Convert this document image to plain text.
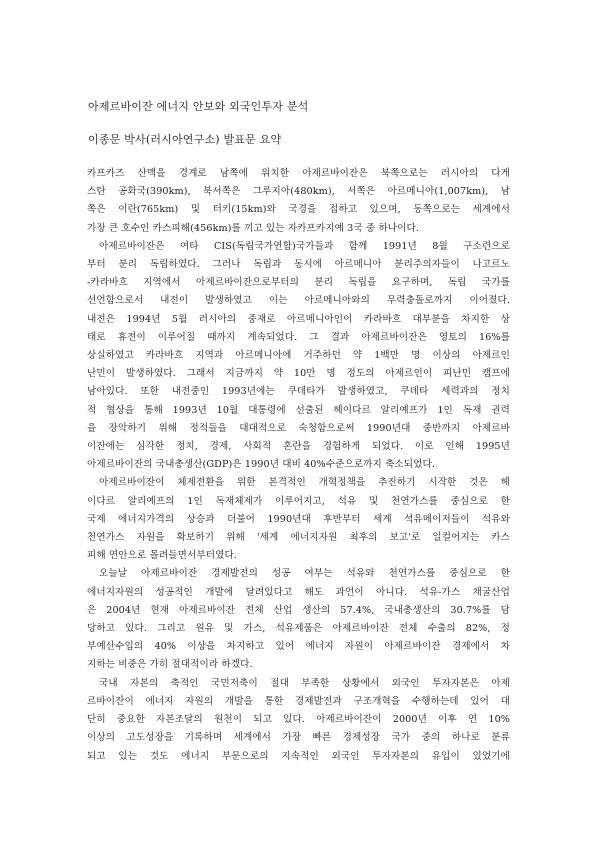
아제르바이잔 에너지 안보와 외국인투자 분석
이종문 박사(러시아연구소) 발표문 요약

카프카즈 산맥을 경계로 남쪽에 위치한 아제르바이잔은 북쪽으로는 러시아의 다게

스탄 공화국(390km), 북서쪽은 그루지아(480km), 서쪽은 아르메니아(1,007km), 남

쪽은 이란(765km) 및 터키(15km)와 국경을 접하고 있으며, 동쪽으로는 세계에서

가장 큰 호수인 카스피해(456km)를 끼고 있는 자카프카지예 3국 중 하나이다.

아제르바이잔은 여타 CIS(독립국가연합)국가들과 함께 1991년 8월 구소련으로

부터 분리 독립하였다. 그러나 독립과 동시에 아르메니아 분리주의자들이 나고르노

-카라바흐 지역에서 아제르바이잔으로부터의 분리 독립을 요구하며, 독립 국가를

선언함으로서 내전이 발생하였고 이는 아르메니아와의 무력충돌로까지 이어졌다.

내전은 1994년 5월 러시아의 중재로 아르메니아인이 카라바흐 대부분을 차지한 상

태로 휴전이 이루어질 때까지 계속되었다. 그 결과 아제르바이잔은 영토의 16%를

상실하였고 카라바흐 지역과 아르메니아에 거주하던 약 1백만 명 이상의 아제르인

난민이 발생하였다. 그래서 지금까지 약 10만 명 정도의 아제르인이 피난민 캠프에

남아있다. 또한 내전중인 1993년에는 쿠데타가 발생하였고, 쿠데타 세력과의 정치

적 협상을 통해 1993년 10월 대통령에 선출된 헤이다르 알리예프가 1인 독재 권력

을 장악하기 위해 정적들을 대대적으로 숙청함으로써 1990년대 중반까지 아제르바

이잔에는 심각한 정치, 경제, 사회적 혼란을 경험하게 되었다. 이로 인해 1995년

아제르바이잔의 국내총생산(GDP)은 1990년 대비 40%수준으로까지 축소되었다.

아제르바이잔이 체제전환을 위한 본격적인 개혁정책을 추진하기 시작한 것은 헤

이다르 알리예프의 1인 독재체제가 이루어지고, 석유 및 천연가스를 중심으로 한

국제 에너지가격의 상승과 더불어 1990년대 후반부터 세계 석유메이저들이 석유와

천연가스 자원을 확보하기 위해 '세계 에너지자원 최후의 보고'로 일컬어지는 카스

피해 연안으로 몰려들면서부터였다.

오늘날 아제르바이잔 경제발전의 성공 여부는 석유와 천연가스를 중심으로 한

에너지자원의 성공적인 개발에 달려있다고 해도 과언이 아니다. 석유-가스 채굴산업

은 2004년 현재 아제르바이잔 전체 산업 생산의 57.4%, 국내총생산의 30.7%를 담

당하고 있다. 그리고 원유 및 가스, 석유제품은 아제르바이잔 전체 수출의 82%, 정

부예산수입의 40% 이상을 차지하고 있어 에너지 자원이 아제르바이잔 경제에서 차

지하는 비중은 가히 절대적이라 하겠다.

국내 자본의 축적인 국민저축이 절대 부족한 상황에서 외국인 투자자본은 아제

르바이잔이 에너지 자원의 개발을 통한 경제발전과 구조개혁을 수행하는데 있어 대

단히 중요한 자본조달의 원천이 되고 있다. 아제르바이잔이 2000년 이후 연 10%

이상의 고도성장을 기록하며 세계에서 가장 빠른 경제성장 국가 중의 하나로 분류

되고 있는 것도 에너지 부문으로의 지속적인 외국인 투자자본의 유입이 있었기에
